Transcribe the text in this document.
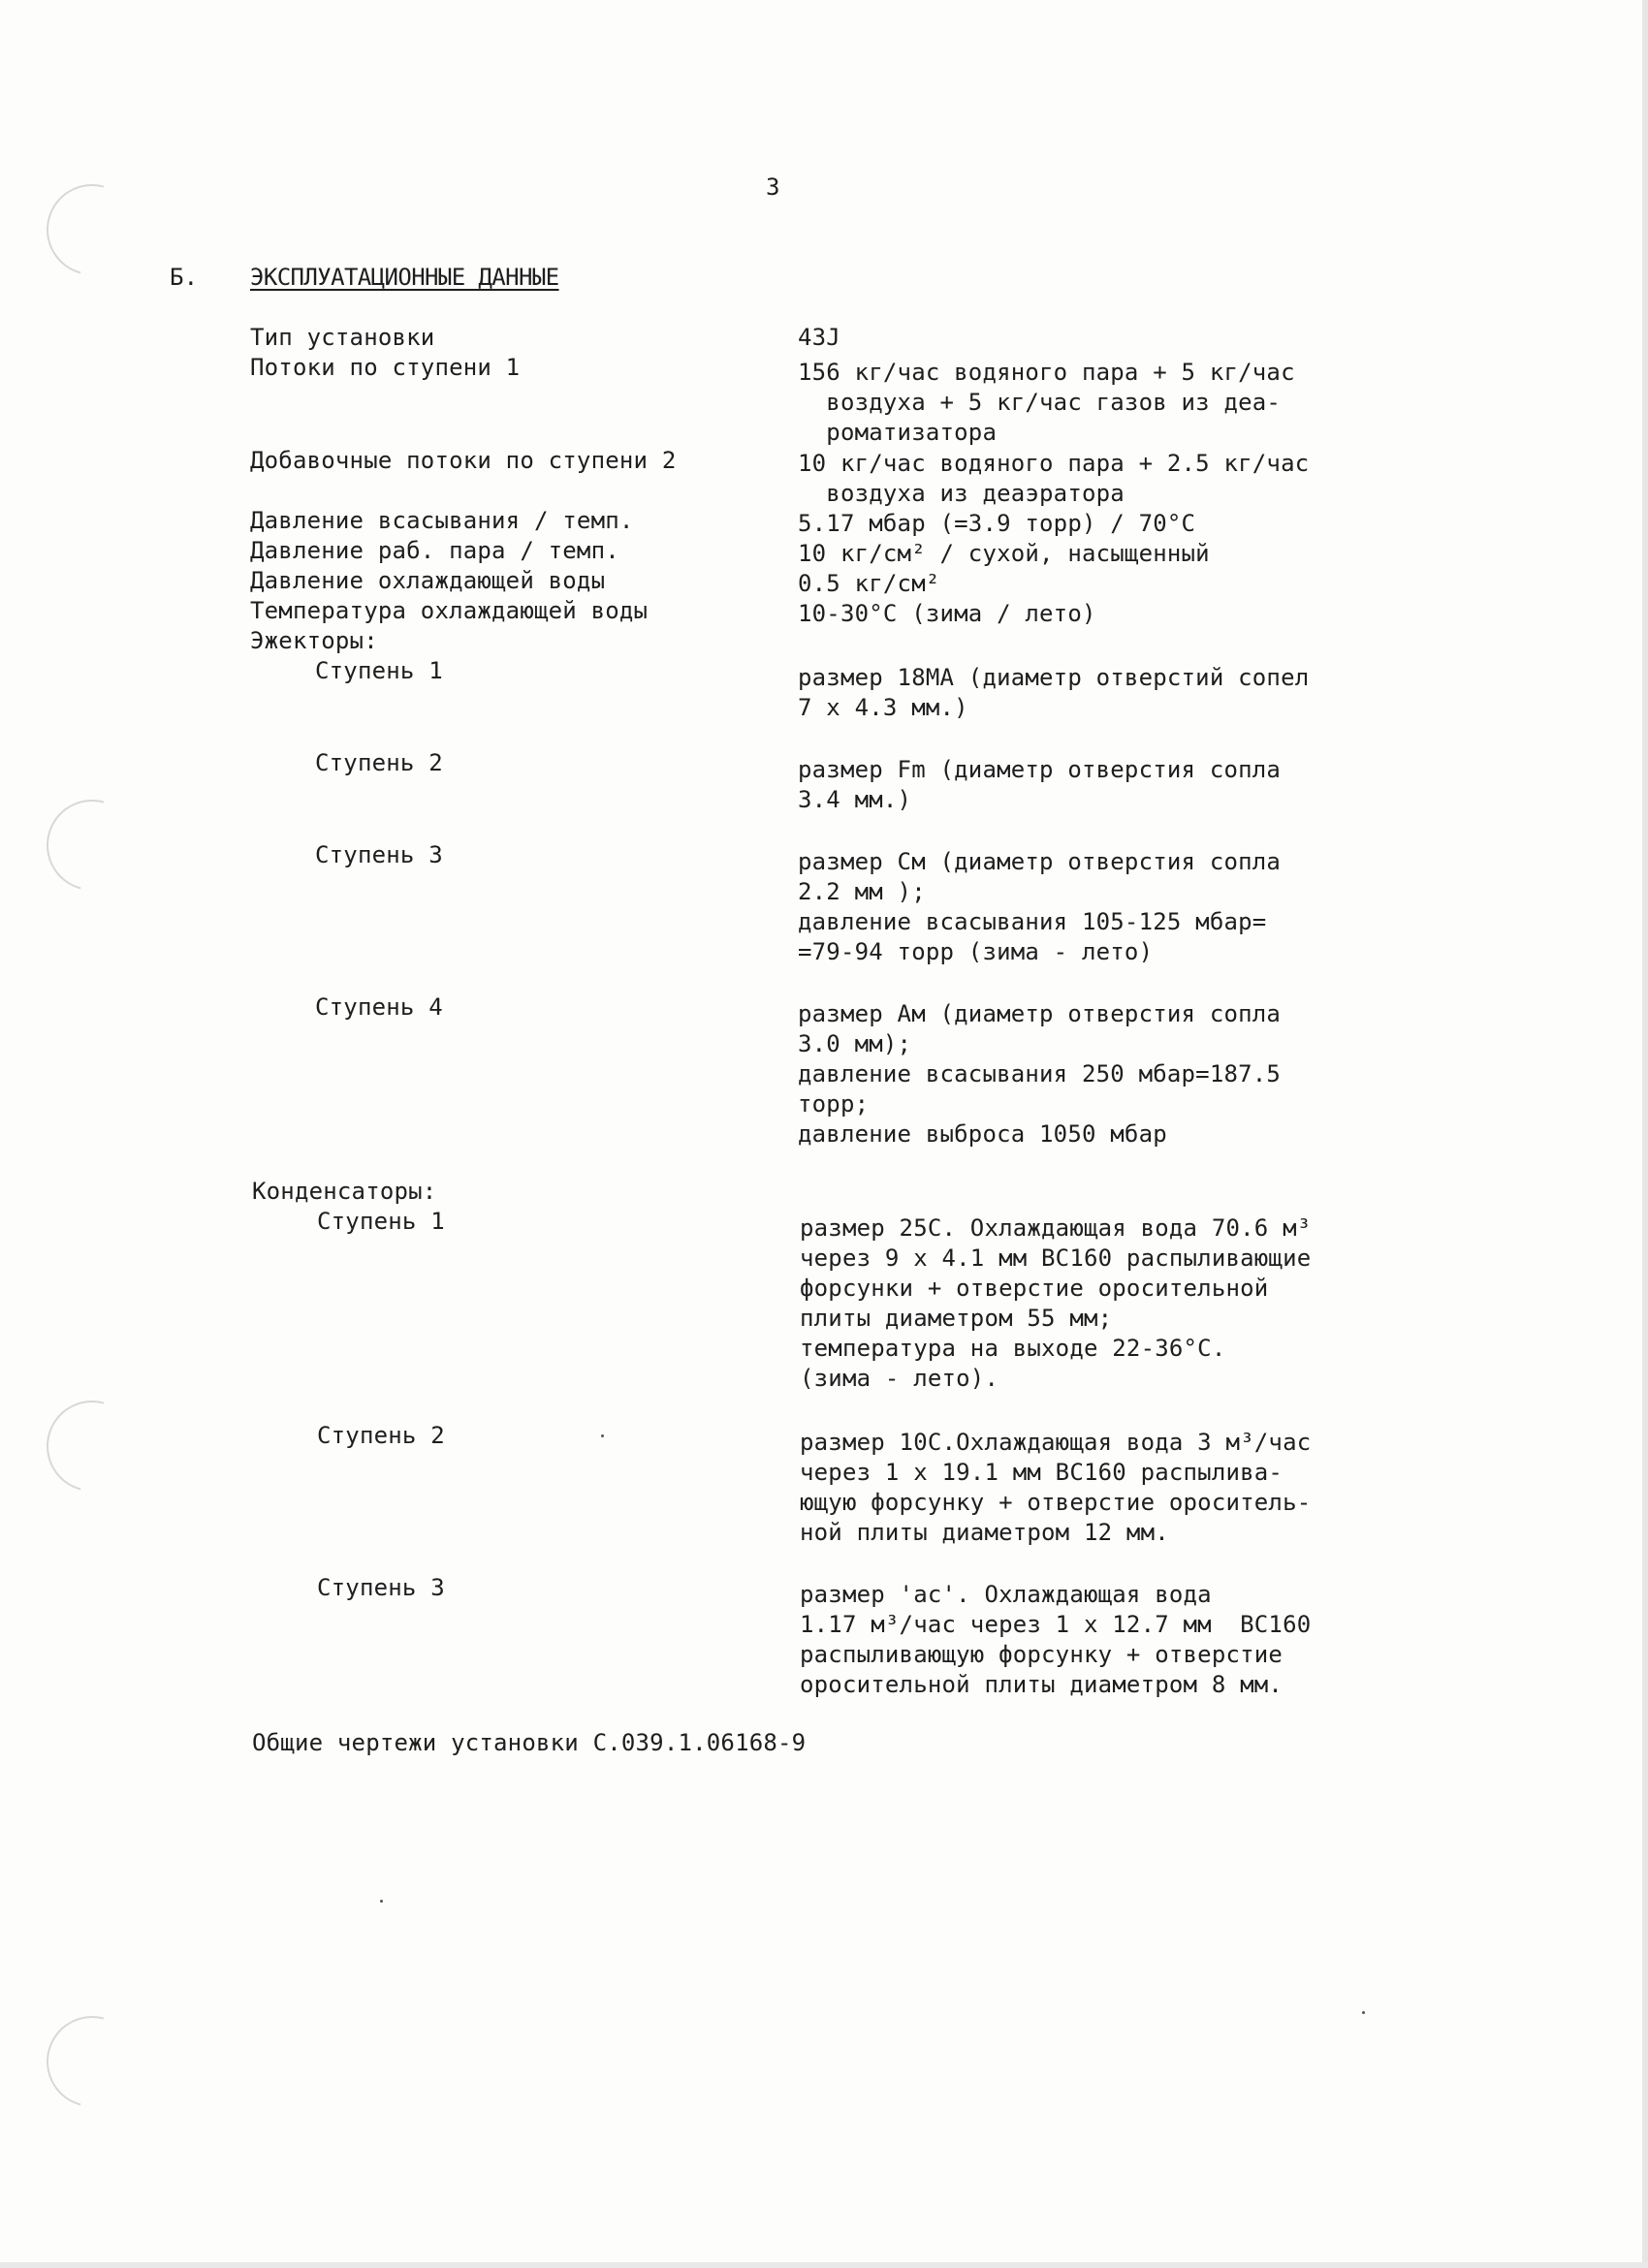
3
Б. ЭКСПЛУАТАЦИОННЫЕ ДАННЫЕ
Тип установки	43J
Потоки по ступени 1	156 кг/час водяного пара + 5 кг/час
воздуха + 5 кг/час газов из деа-
роматизатора
Добавочные потоки по ступени 2	10 кг/час водяного пара + 2.5 кг/час
воздуха из деаэратора
Давление всасывания / темп.	5.17 мбар (=3.9 торр) / 70°C
Давление раб. пара / темп.	10 кг/см² / сухой, насыщенный
Давление охлаждающей воды	0.5 кг/см²
Температура охлаждающей воды	10-30°C (зима / лето)
Эжекторы:
Ступень 1	размер 18MA (диаметр отверстий сопел
7 x 4.3 мм.)
Ступень 2	размер Fm (диаметр отверстия сопла
3.4 мм.)
Ступень 3	размер См (диаметр отверстия сопла
2.2 мм );
давление всасывания 105-125 мбар=
=79-94 торр (зима - лето)
Ступень 4	размер Ам (диаметр отверстия сопла
3.0 мм);
давление всасывания 250 мбар=187.5
торр;
давление выброса 1050 мбар
Конденсаторы:
Ступень 1	размер 25С. Охлаждающая вода 70.6 м³
через 9 х 4.1 мм ВС160 распыливающие
форсунки + отверстие оросительной
плиты диаметром 55 мм;
температура на выходе 22-36°С.
(зима - лето).
Ступень 2	размер 10С.Охлаждающая вода 3 м³/час
через 1 х 19.1 мм ВС160 распылива-
ющую форсунку + отверстие ороситель-
ной плиты диаметром 12 мм.
Ступень 3	размер 'ас'. Охлаждающая вода
1.17 м³/час через 1 х 12.7 мм  ВС160
распыливающую форсунку + отверстие
оросительной плиты диаметром 8 мм.
Общие чертежи установки С.039.1.06168-9
